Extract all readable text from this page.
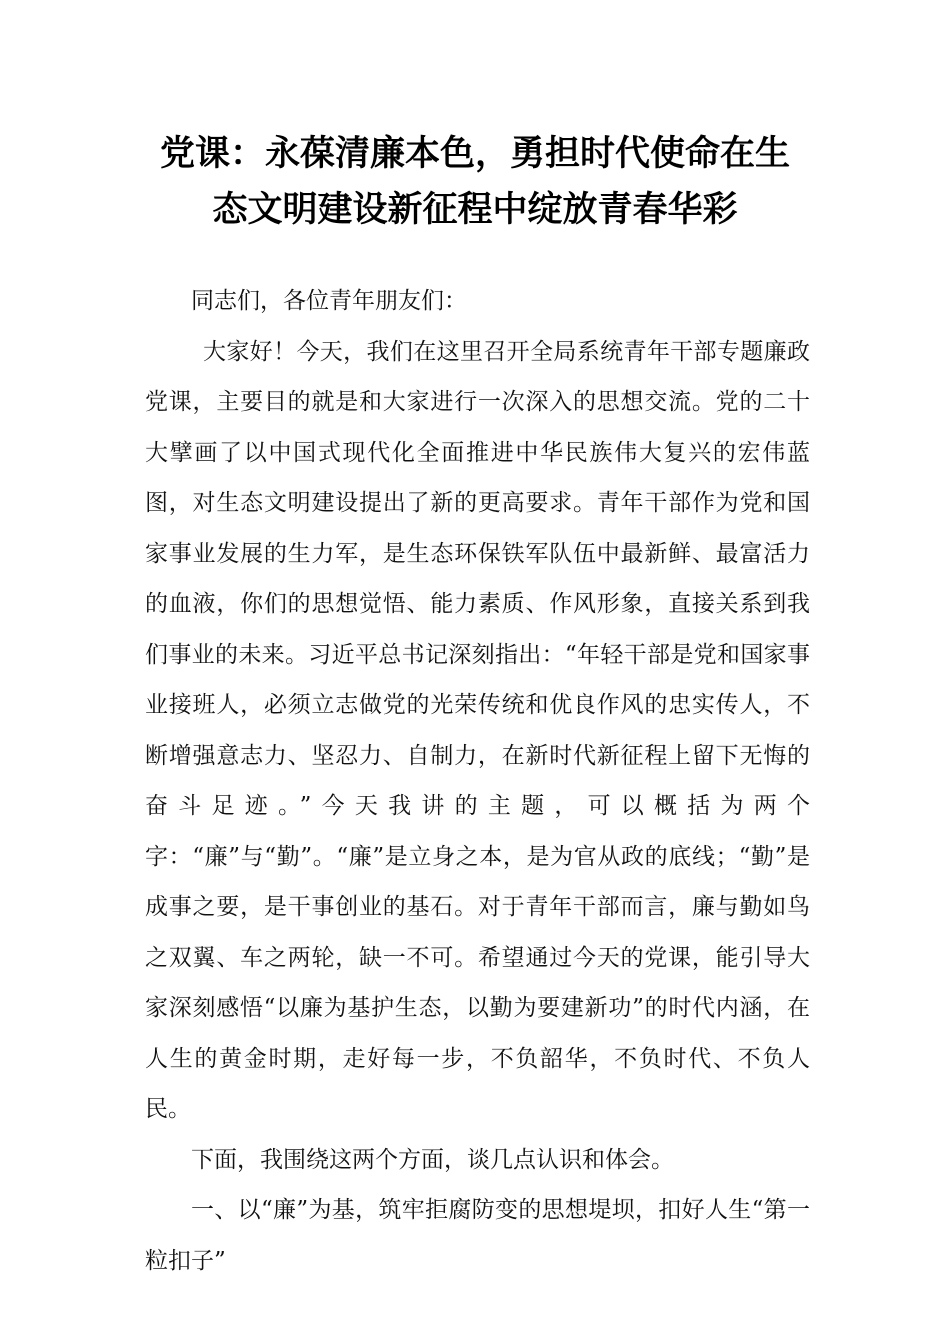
党课：永葆清廉本色，勇担时代使命在生
态文明建设新征程中绽放青春华彩

同志们，各位青年朋友们：

大家好！今天，我们在这里召开全局系统青年干部专题廉政党课，主要目的就是和大家进行一次深入的思想交流。党的二十大擘画了以中国式现代化全面推进中华民族伟大复兴的宏伟蓝图，对生态文明建设提出了新的更高要求。青年干部作为党和国家事业发展的生力军，是生态环保铁军队伍中最新鲜、最富活力的血液，你们的思想觉悟、能力素质、作风形象，直接关系到我们事业的未来。习近平总书记深刻指出：“年轻干部是党和国家事业接班人，必须立志做党的光荣传统和优良作风的忠实传人，不断增强意志力、坚忍力、自制力，在新时代新征程上留下无悔的奋斗足迹。”今天我讲的主题，可以概括为两个字：“廉”与“勤”。“廉”是立身之本，是为官从政的底线；“勤”是成事之要，是干事创业的基石。对于青年干部而言，廉与勤如鸟之双翼、车之两轮，缺一不可。希望通过今天的党课，能引导大家深刻感悟“以廉为基护生态，以勤为要建新功”的时代内涵，在人生的黄金时期，走好每一步，不负韶华，不负时代、不负人民。

下面，我围绕这两个方面，谈几点认识和体会。

一、以“廉”为基，筑牢拒腐防变的思想堤坝，扣好人生“第一粒扣子”
